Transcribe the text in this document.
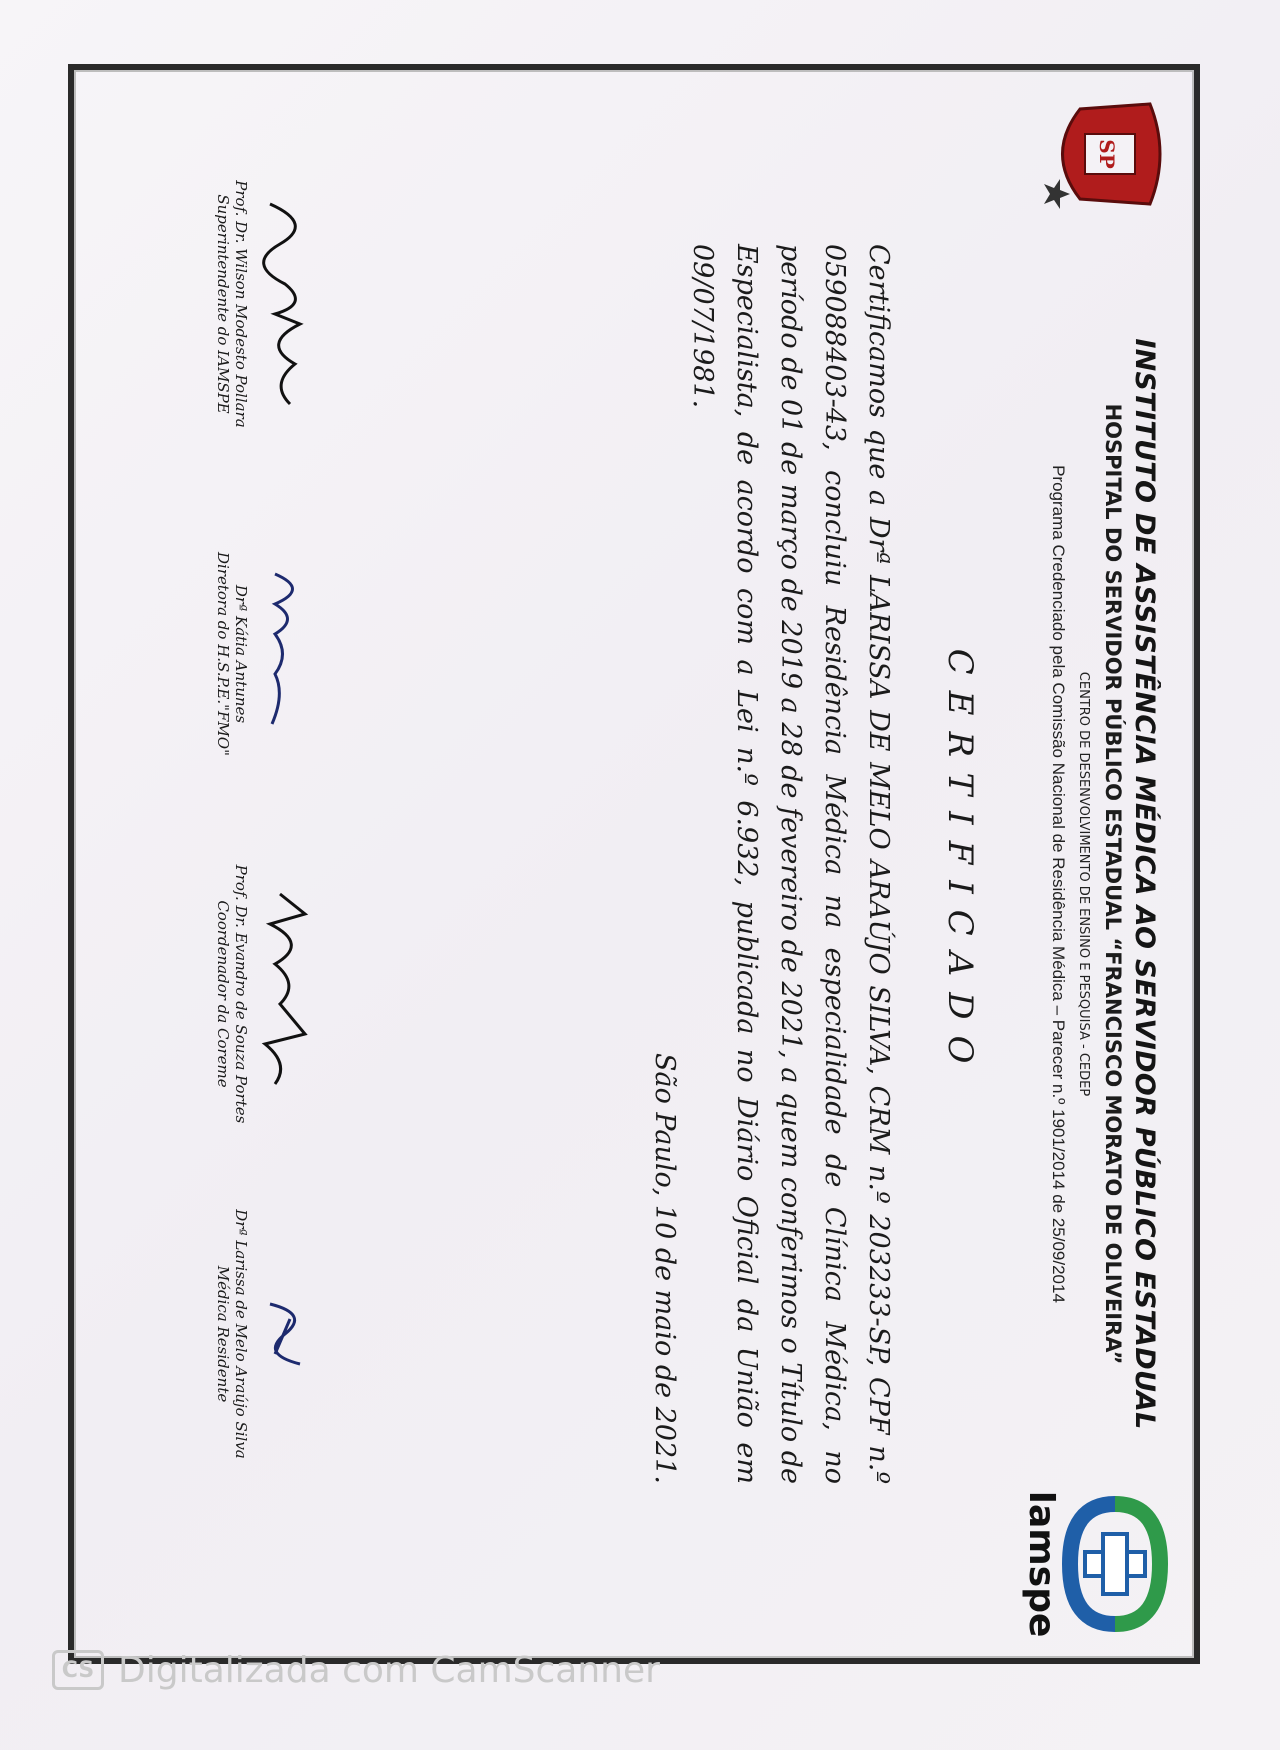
SP
INSTITUTO DE ASSISTÊNCIA MÉDICA AO SERVIDOR PÚBLICO ESTADUAL
HOSPITAL DO SERVIDOR PÚBLICO ESTADUAL “FRANCISCO MORATO DE OLIVEIRA”
CENTRO DE DESENVOLVIMENTO DE ENSINO E PESQUISA - CEDEP
Programa Credenciado pela Comissão Nacional de Residência Médica – Parecer n.º 1901/2014 de 25/09/2014
Iamspe
CERTIFICADO
Certificamos que a Drª LARISSA DE MELO ARAÚJO SILVA, CRM n.º 203233-SP, CPF n.º 059088403-43, concluiu Residência Médica na especialidade de Clínica Médica, no período de 01 de março de 2019 a 28 de fevereiro de 2021, a quem conferimos o Título de Especialista, de acordo com a Lei n.º 6.932, publicada no Diário Oficial da União em 09/07/1981.
São Paulo, 10 de maio de 2021.
Prof. Dr. Wilson Modesto Pollara
Superintendente do IAMSPE
Drª Kátia Antunes
Diretora do H.S.P.E."FMO"
Prof. Dr. Evandro de Souza Portes
Coordenador da Coreme
Drª Larissa de Melo Araújo Silva
Médica Residente
CS Digitalizada com CamScanner
